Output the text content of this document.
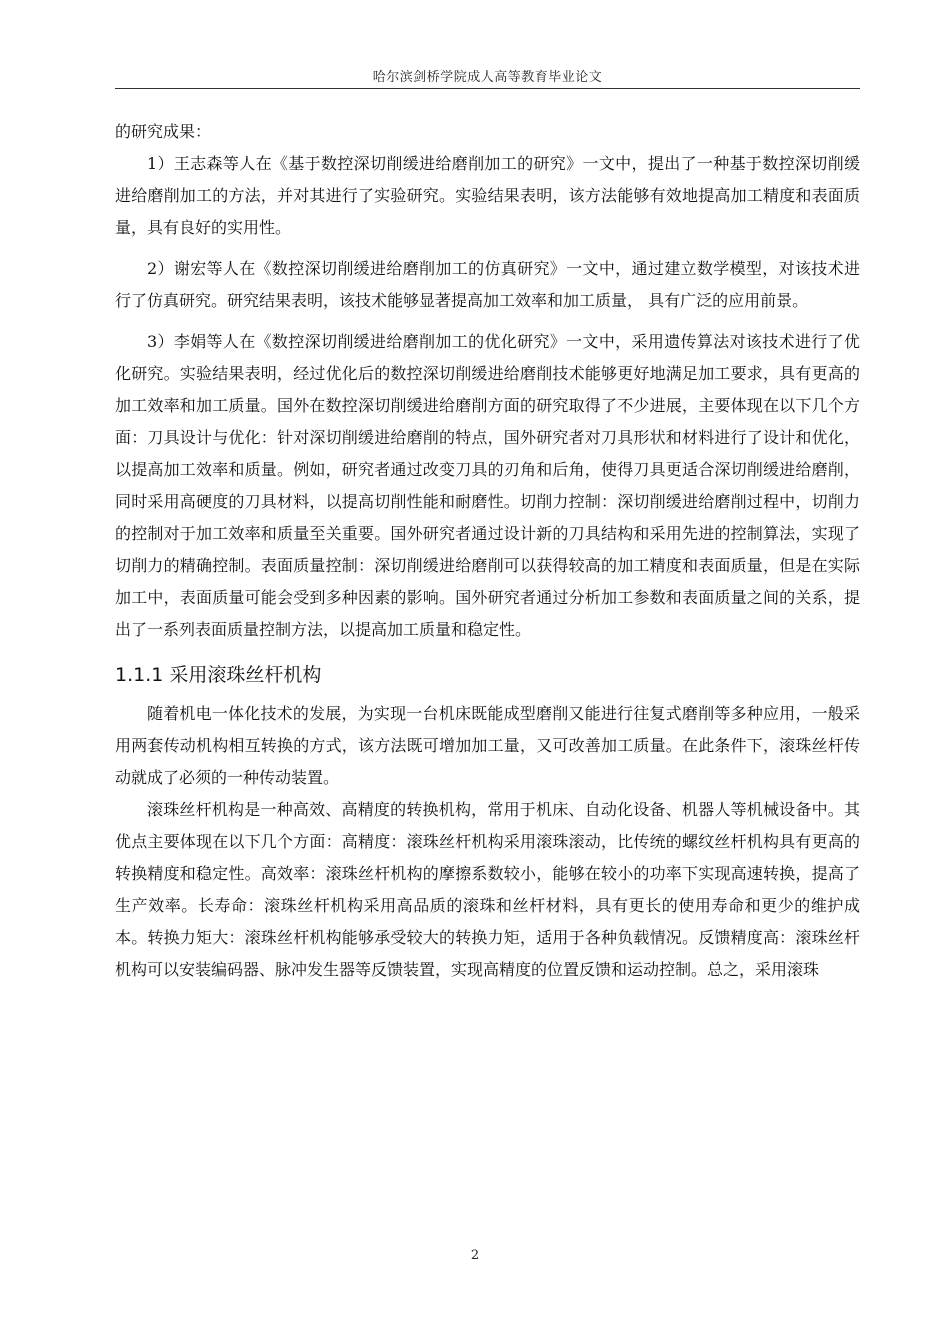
哈尔滨剑桥学院成人高等教育毕业论文

的研究成果：

1）王志森等人在《基于数控深切削缓进给磨削加工的研究》一文中，提出了一种基于数控深切削缓进给磨削加工的方法，并对其进行了实验研究。实验结果表明，该方法能够有效地提高加工精度和表面质量，具有良好的实用性。

2）谢宏等人在《数控深切削缓进给磨削加工的仿真研究》一文中，通过建立数学模型，对该技术进行了仿真研究。研究结果表明，该技术能够显著提高加工效率和加工质量， 具有广泛的应用前景。

3）李娟等人在《数控深切削缓进给磨削加工的优化研究》一文中，采用遗传算法对该技术进行了优化研究。实验结果表明，经过优化后的数控深切削缓进给磨削技术能够更好地满足加工要求，具有更高的加工效率和加工质量。国外在数控深切削缓进给磨削方面的研究取得了不少进展，主要体现在以下几个方面：刀具设计与优化：针对深切削缓进给磨削的特点，国外研究者对刀具形状和材料进行了设计和优化，以提高加工效率和质量。例如，研究者通过改变刀具的刃角和后角，使得刀具更适合深切削缓进给磨削，同时采用高硬度的刀具材料，以提高切削性能和耐磨性。切削力控制：深切削缓进给磨削过程中，切削力的控制对于加工效率和质量至关重要。国外研究者通过设计新的刀具结构和采用先进的控制算法，实现了切削力的精确控制。表面质量控制：深切削缓进给磨削可以获得较高的加工精度和表面质量，但是在实际加工中，表面质量可能会受到多种因素的影响。国外研究者通过分析加工参数和表面质量之间的关系，提出了一系列表面质量控制方法，以提高加工质量和稳定性。

1.1.1 采用滚珠丝杆机构

随着机电一体化技术的发展，为实现一台机床既能成型磨削又能进行往复式磨削等多种应用，一般采用两套传动机构相互转换的方式，该方法既可增加加工量，又可改善加工质量。在此条件下，滚珠丝杆传动就成了必须的一种传动装置。

滚珠丝杆机构是一种高效、高精度的转换机构，常用于机床、自动化设备、机器人等机械设备中。其优点主要体现在以下几个方面：高精度：滚珠丝杆机构采用滚珠滚动，比传统的螺纹丝杆机构具有更高的转换精度和稳定性。高效率：滚珠丝杆机构的摩擦系数较小，能够在较小的功率下实现高速转换，提高了生产效率。长寿命：滚珠丝杆机构采用高品质的滚珠和丝杆材料，具有更长的使用寿命和更少的维护成本。转换力矩大：滚珠丝杆机构能够承受较大的转换力矩，适用于各种负载情况。反馈精度高：滚珠丝杆机构可以安装编码器、脉冲发生器等反馈装置，实现高精度的位置反馈和运动控制。总之，采用滚珠

2
